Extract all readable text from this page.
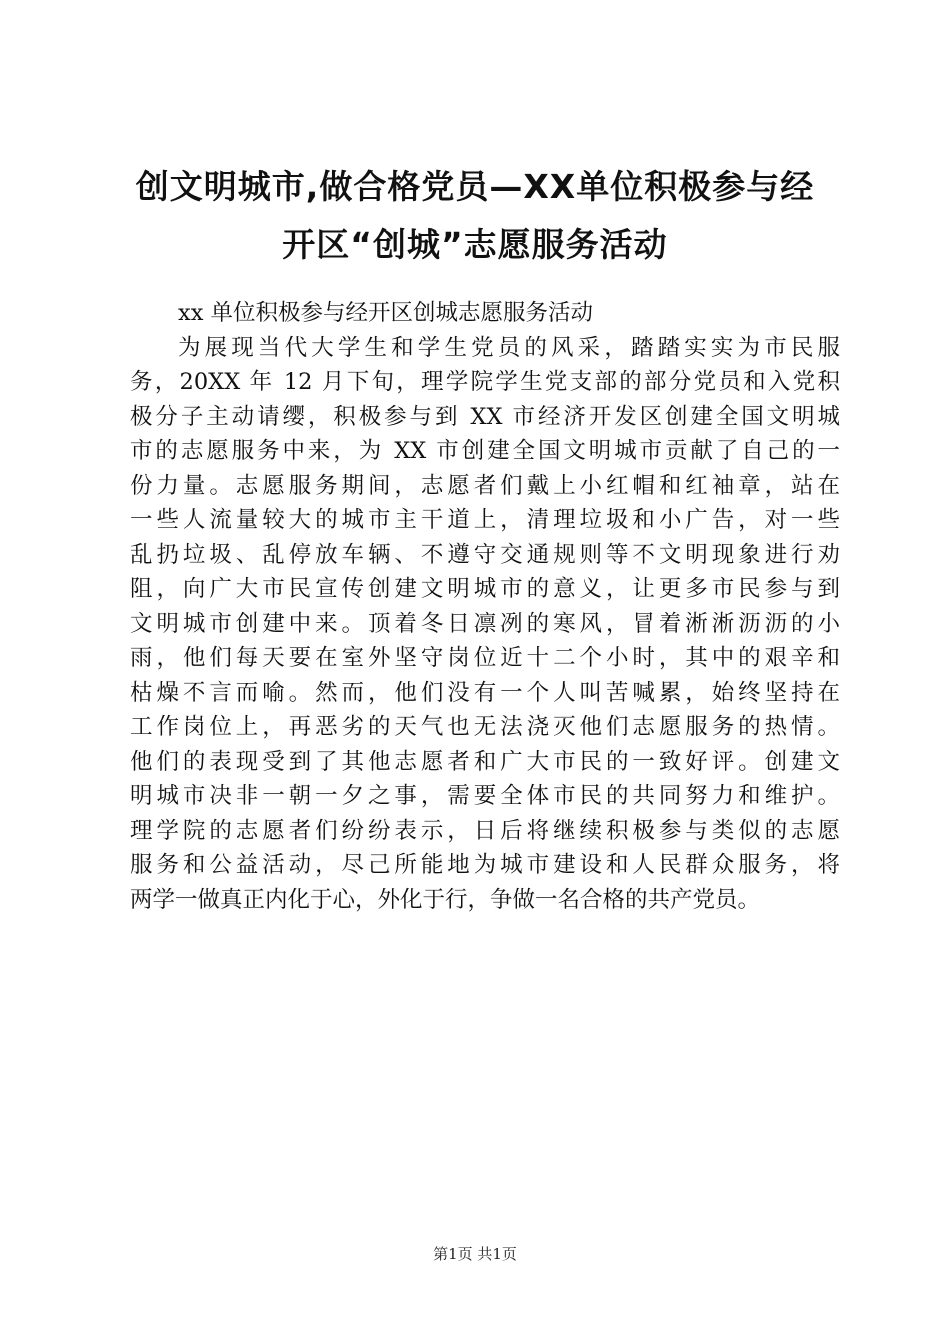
创文明城市,做合格党员—XX单位积极参与经
开区“创城”志愿服务活动
xx 单位积极参与经开区创城志愿服务活动
为展现当代大学生和学生党员的风采，踏踏实实为市民服
务，20XX 年 12 月下旬，理学院学生党支部的部分党员和入党积
极分子主动请缨，积极参与到 XX 市经济开发区创建全国文明城
市的志愿服务中来，为 XX 市创建全国文明城市贡献了自己的一
份力量。志愿服务期间，志愿者们戴上小红帽和红袖章，站在
一些人流量较大的城市主干道上，清理垃圾和小广告，对一些
乱扔垃圾、乱停放车辆、不遵守交通规则等不文明现象进行劝
阻，向广大市民宣传创建文明城市的意义，让更多市民参与到
文明城市创建中来。顶着冬日凛冽的寒风，冒着淅淅沥沥的小
雨，他们每天要在室外坚守岗位近十二个小时，其中的艰辛和
枯燥不言而喻。然而，他们没有一个人叫苦喊累，始终坚持在
工作岗位上，再恶劣的天气也无法浇灭他们志愿服务的热情。
他们的表现受到了其他志愿者和广大市民的一致好评。创建文
明城市决非一朝一夕之事，需要全体市民的共同努力和维护。
理学院的志愿者们纷纷表示，日后将继续积极参与类似的志愿
服务和公益活动，尽己所能地为城市建设和人民群众服务，将
两学一做真正内化于心，外化于行，争做一名合格的共产党员。
第1页 共1页
